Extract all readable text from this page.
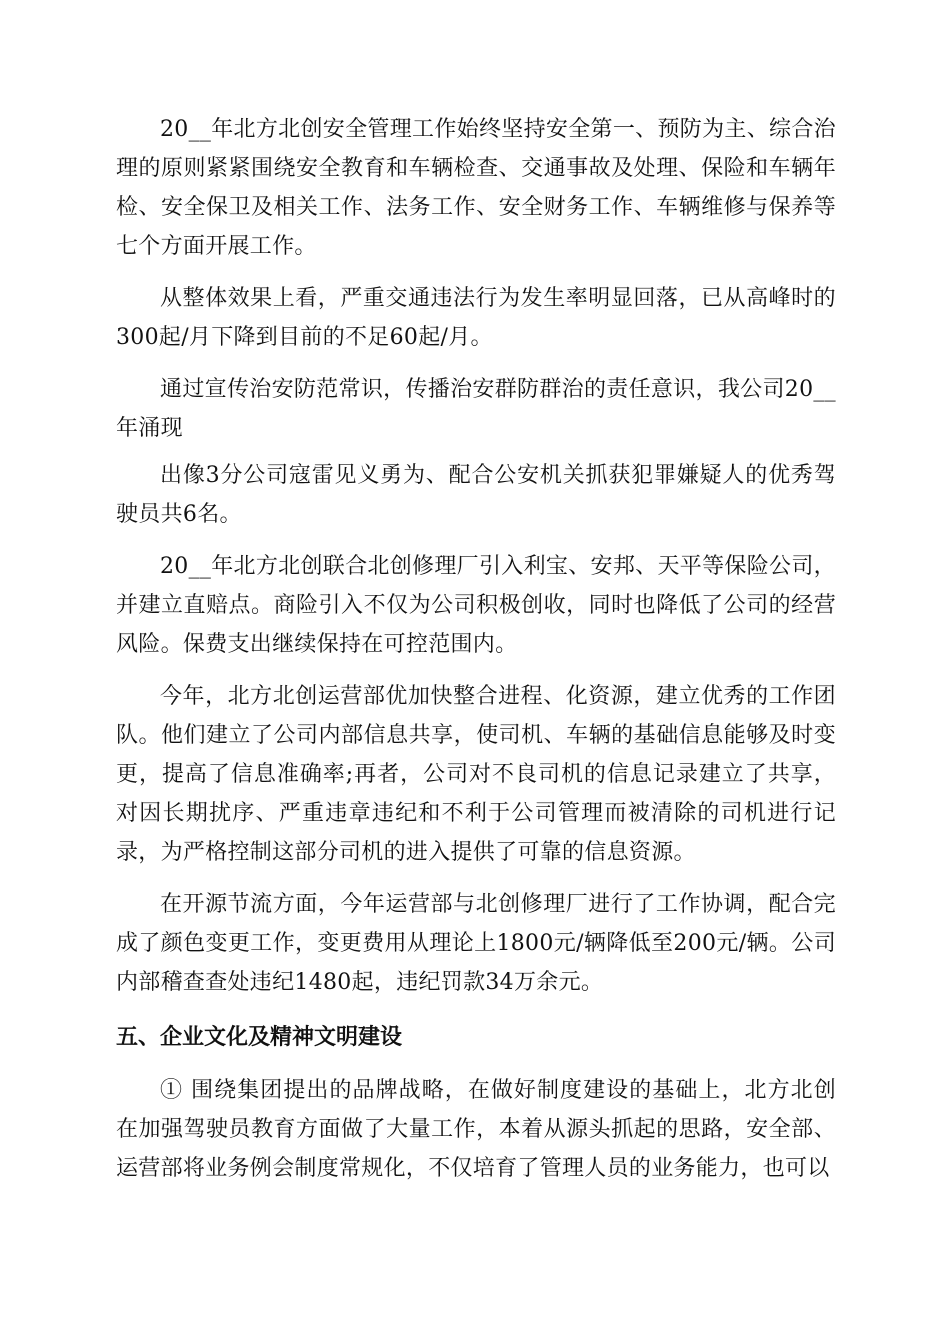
20__年北方北创安全管理工作始终坚持安全第一、预防为主、综合治理的原则紧紧围绕安全教育和车辆检查、交通事故及处理、保险和车辆年检、安全保卫及相关工作、法务工作、安全财务工作、车辆维修与保养等七个方面开展工作。

从整体效果上看，严重交通违法行为发生率明显回落，已从高峰时的300起/月下降到目前的不足60起/月。

通过宣传治安防范常识，传播治安群防群治的责任意识，我公司20__年涌现

出像3分公司寇雷见义勇为、配合公安机关抓获犯罪嫌疑人的优秀驾驶员共6名。

20__年北方北创联合北创修理厂引入利宝、安邦、天平等保险公司，并建立直赔点。商险引入不仅为公司积极创收，同时也降低了公司的经营风险。保费支出继续保持在可控范围内。

今年，北方北创运营部优加快整合进程、化资源，建立优秀的工作团队。他们建立了公司内部信息共享，使司机、车辆的基础信息能够及时变更，提高了信息准确率;再者，公司对不良司机的信息记录建立了共享，对因长期扰序、严重违章违纪和不利于公司管理而被清除的司机进行记录，为严格控制这部分司机的进入提供了可靠的信息资源。

在开源节流方面，今年运营部与北创修理厂进行了工作协调，配合完成了颜色变更工作，变更费用从理论上1800元/辆降低至200元/辆。公司内部稽查查处违纪1480起，违纪罚款34万余元。

五、企业文化及精神文明建设

① 围绕集团提出的品牌战略，在做好制度建设的基础上，北方北创在加强驾驶员教育方面做了大量工作，本着从源头抓起的思路，安全部、运营部将业务例会制度常规化，不仅培育了管理人员的业务能力，也可以
